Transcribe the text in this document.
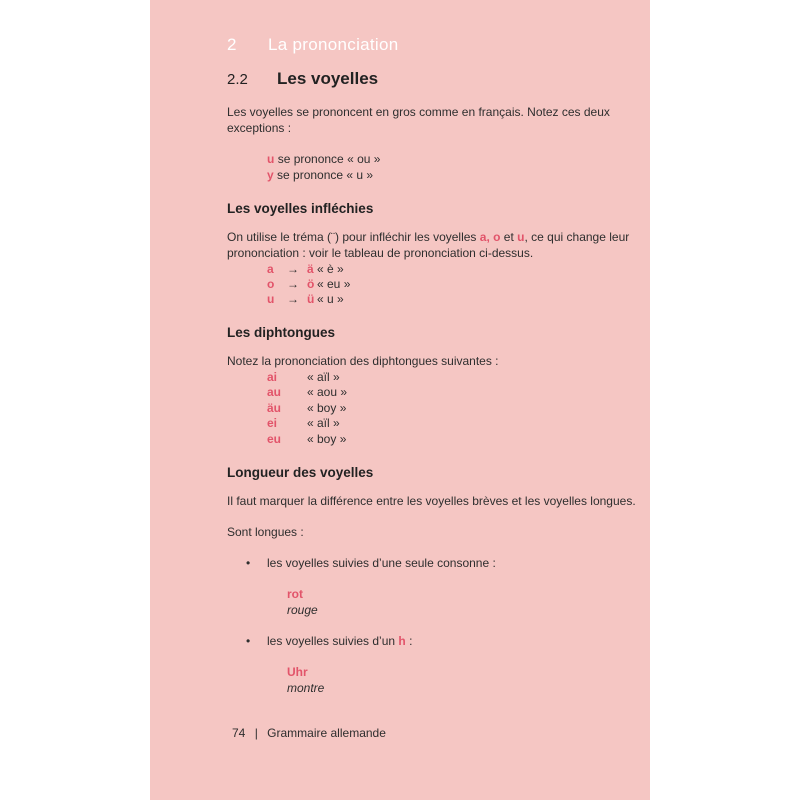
2 La prononciation
2.2 Les voyelles
Les voyelles se prononcent en gros comme en français. Notez ces deux
exceptions :
u se prononce « ou »
y se prononce « u »
Les voyelles infléchies
On utilise le tréma (¨) pour infléchir les voyelles a, o et u, ce qui change leur
prononciation : voir le tableau de prononciation ci-dessus.
a → ä « è »
o → ö « eu »
u → ü « u »
Les diphtongues
Notez la prononciation des diphtongues suivantes :
ai « aïl »
au « aou »
äu « boy »
ei « aïl »
eu « boy »
Longueur des voyelles
Il faut marquer la différence entre les voyelles brèves et les voyelles longues.
Sont longues :
• les voyelles suivies d’une seule consonne :
rot
rouge
• les voyelles suivies d’un h :
Uhr
montre
74 | Grammaire allemande
